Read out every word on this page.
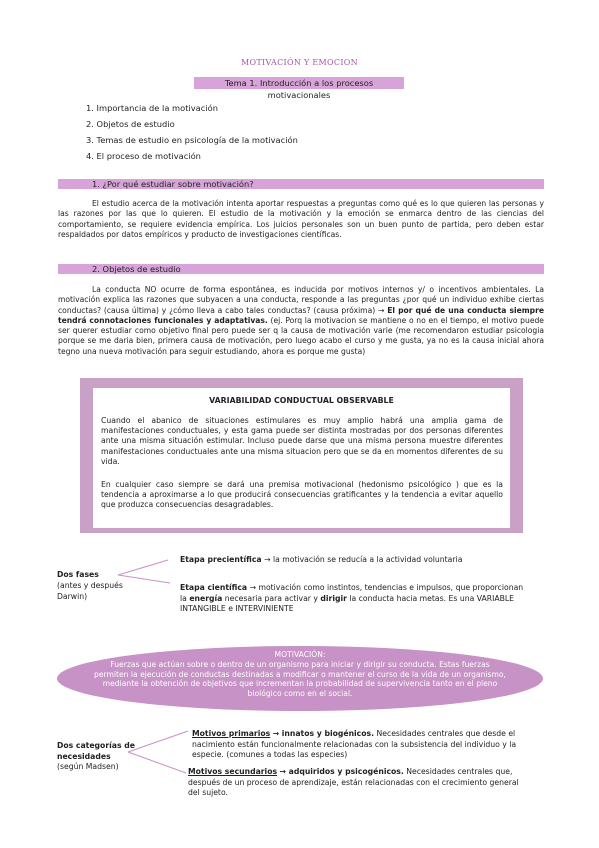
MOTIVACIÓN Y EMOCION
Tema 1. Introducción a los procesos motivacionales
1. Importancia de la motivación
2. Objetos de estudio
3. Temas de estudio en psicología de la motivación
4. El proceso de motivación
1. ¿Por qué estudiar sobre motivación?

El estudio acerca de la motivación intenta aportar respuestas a preguntas como qué es lo que quieren las personas y las razones por las que lo quieren. El estudio de la motivación y la emoción se enmarca dentro de las ciencias del comportamiento, se requiere evidencia empírica. Los juicios personales son un buen punto de partida, pero deben estar respaldados por datos empíricos y producto de investigaciones científicas.

2. Objetos de estudio

La conducta NO ocurre de forma espontánea, es inducida por motivos internos y/ o incentivos ambientales. La motivación explica las razones que subyacen a una conducta, responde a las preguntas ¿por qué un individuo exhibe ciertas conductas? (causa última) y ¿cómo lleva a cabo tales conductas? (causa próxima) → El por qué de una conducta siempre tendrá connotaciones funcionales y adaptativas. (ej. Porq la motivacion se mantiene o no en el tiempo, el motivo puede ser querer estudiar como objetivo final pero puede ser q la causa de motivación varie (me recomendaron estudiar psicologia porque se me daria bien, primera causa de motivación, pero luego acabo el curso y me gusta, ya no es la causa inicial ahora tegno una nueva motivación para seguir estudiando, ahora es porque me gusta)

VARIABILIDAD CONDUCTUAL OBSERVABLE
Cuando el abanico de situaciones estimulares es muy amplio habrá una amplia gama de manifestaciones conductuales, y esta gama puede ser distinta mostradas por dos personas diferentes ante una misma situación estimular. Incluso puede darse que una misma persona muestre diferentes manifestaciones conductuales ante una misma situacion pero que se da en momentos diferentes de su vida.
En cualquier caso siempre se dará una premisa motivacional (hedonismo psicológico ) que es la tendencia a aproximarse a lo que producirá consecuencias gratificantes y la tendencia a evitar aquello que produzca consecuencias desagradables.
Dos fases
(antes y después Darwin)
Etapa precientífica → la motivación se reducía a la actividad voluntaria
Etapa científica → motivación como instintos, tendencias e impulsos, que proporcionan la energía necesaria para activar y dirigir la conducta hacia metas. Es una VARIABLE INTANGIBLE e INTERVINIENTE
MOTIVACIÓN:
Fuerzas que actúan sobre o dentro de un organismo para iniciar y dirigir su conducta. Estas fuerzas permiten la ejecución de conductas destinadas a modificar o mantener el curso de la vida de un organismo, mediante la obtención de objetivos que incrementan la probabilidad de supervivencia tanto en el pleno biológico como en el social.
Dos categorías de necesidades
(según Madsen)
Motivos primarios → innatos y biogénicos. Necesidades centrales que desde el nacimiento están funcionalmente relacionadas con la subsistencia del individuo y la especie. (comunes a todas las especies)
Motivos secundarios → adquiridos y psicogénicos. Necesidades centrales que, después de un proceso de aprendizaje, están relacionadas con el crecimiento general del sujeto.
